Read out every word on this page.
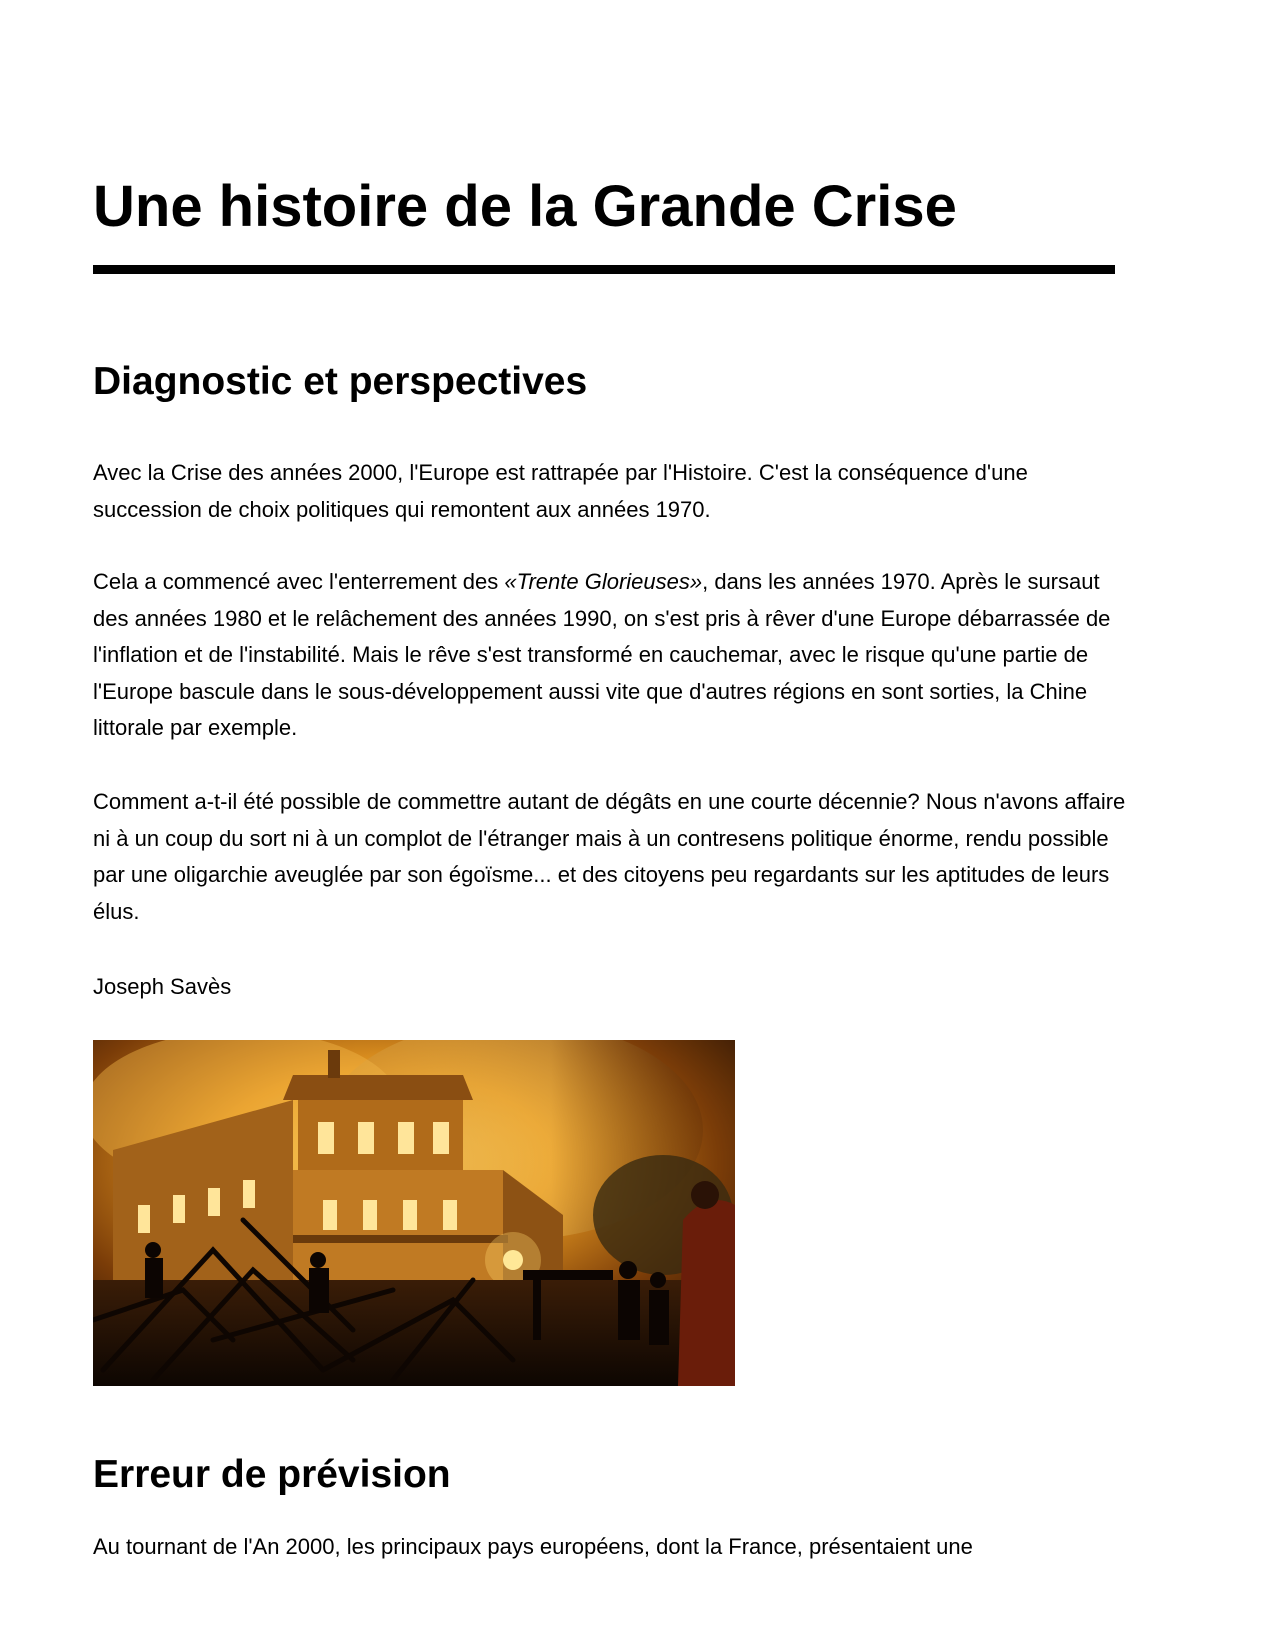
Une histoire de la Grande Crise
Diagnostic et perspectives

Avec la Crise des années 2000, l'Europe est rattrapée par l'Histoire. C'est la conséquence d'une succession de choix politiques qui remontent aux années 1970.

Cela a commencé avec l'enterrement des «Trente Glorieuses», dans les années 1970. Après le sursaut des années 1980 et le relâchement des années 1990, on s'est pris à rêver d'une Europe débarrassée de l'inflation et de l'instabilité. Mais le rêve s'est transformé en cauchemar, avec le risque qu'une partie de l'Europe bascule dans le sous-développement aussi vite que d'autres régions en sont sorties, la Chine littorale par exemple.

Comment a-t-il été possible de commettre autant de dégâts en une courte décennie? Nous n'avons affaire ni à un coup du sort ni à un complot de l'étranger mais à un contresens politique énorme, rendu possible par une oligarchie aveuglée par son égoïsme... et des citoyens peu regardants sur les aptitudes de leurs élus.

Joseph Savès

Erreur de prévision

Au tournant de l'An 2000, les principaux pays européens, dont la France, présentaient une
